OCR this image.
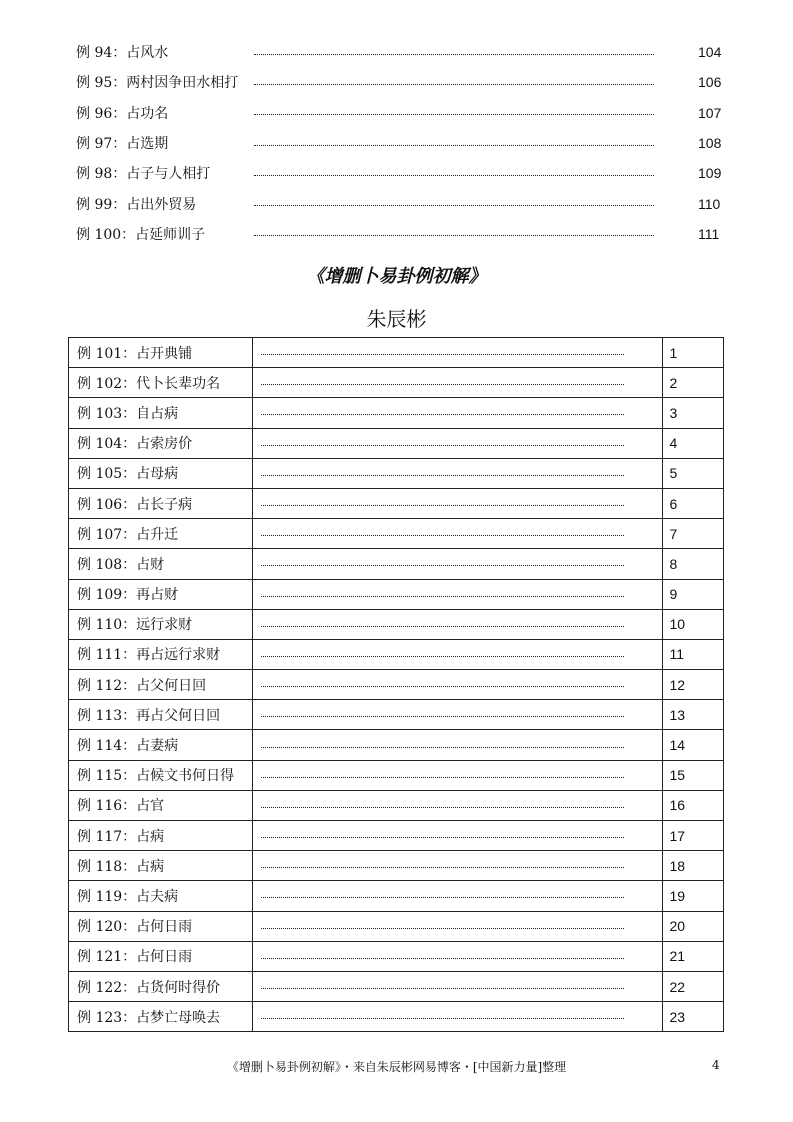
例 94：占风水	104
例 95：两村因争田水相打	106
例 96：占功名	107
例 97：占选期	108
例 98：占子与人相打	109
例 99：占出外贸易	110
例 100：占延师训子	111
《增删卜易卦例初解》
朱辰彬
例 101：占开典铺		1
例 102：代卜长辈功名		2
例 103：自占病		3
例 104：占索房价		4
例 105：占母病		5
例 106：占长子病		6
例 107：占升迁		7
例 108：占财		8
例 109：再占财		9
例 110：远行求财		10
例 111：再占远行求财		11
例 112：占父何日回		12
例 113：再占父何日回		13
例 114：占妻病		14
例 115：占候文书何日得		15
例 116：占官		16
例 117：占病		17
例 118：占病		18
例 119：占夫病		19
例 120：占何日雨		20
例 121：占何日雨		21
例 122：占货何时得价		22
例 123：占梦亡母唤去		23
《增删卜易卦例初解》・来自朱辰彬网易博客・[中国新力量]整理	4
